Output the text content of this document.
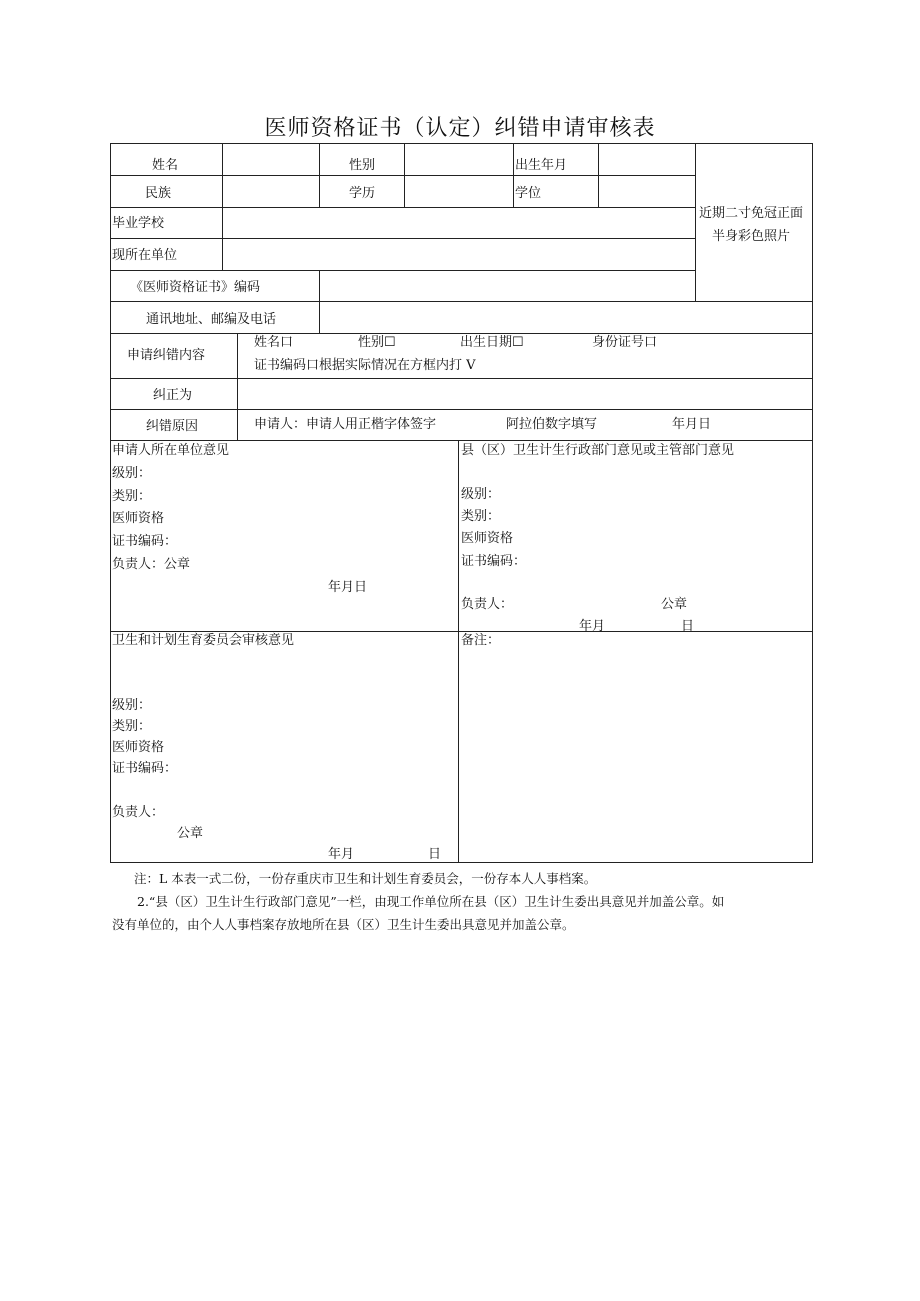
医师资格证书（认定）纠错申请审核表
姓名	性别	出生年月
民族	学历	学位
近期二寸免冠正面
半身彩色照片
毕业学校
现所在单位
《医师资格证书》编码
通讯地址、邮编及电话
申请纠错内容
姓名口	性别☐	出生日期☐	身份证号口
证书编码口根据实际情况在方框内打 V
纠正为
纠错原因	申请人：申请人用正楷字体签字	阿拉伯数字填写	年月日
申请人所在单位意见
级别：
类别：
医师资格
证书编码：
负责人：公章
年月日
县（区）卫生计生行政部门意见或主管部门意见
级别：
类别：
医师资格
证书编码：
负责人：	公章
年月	日
卫生和计划生育委员会审核意见
级别：
类别：
医师资格
证书编码：
负责人：
公章
年月	日
备注：
注：L 本表一式二份，一份存重庆市卫生和计划生育委员会，一份存本人人事档案。
2.“县（区）卫生计生行政部门意见”一栏，由现工作单位所在县（区）卫生计生委出具意见并加盖公章。如
没有单位的，由个人人事档案存放地所在县（区）卫生计生委出具意见并加盖公章。
